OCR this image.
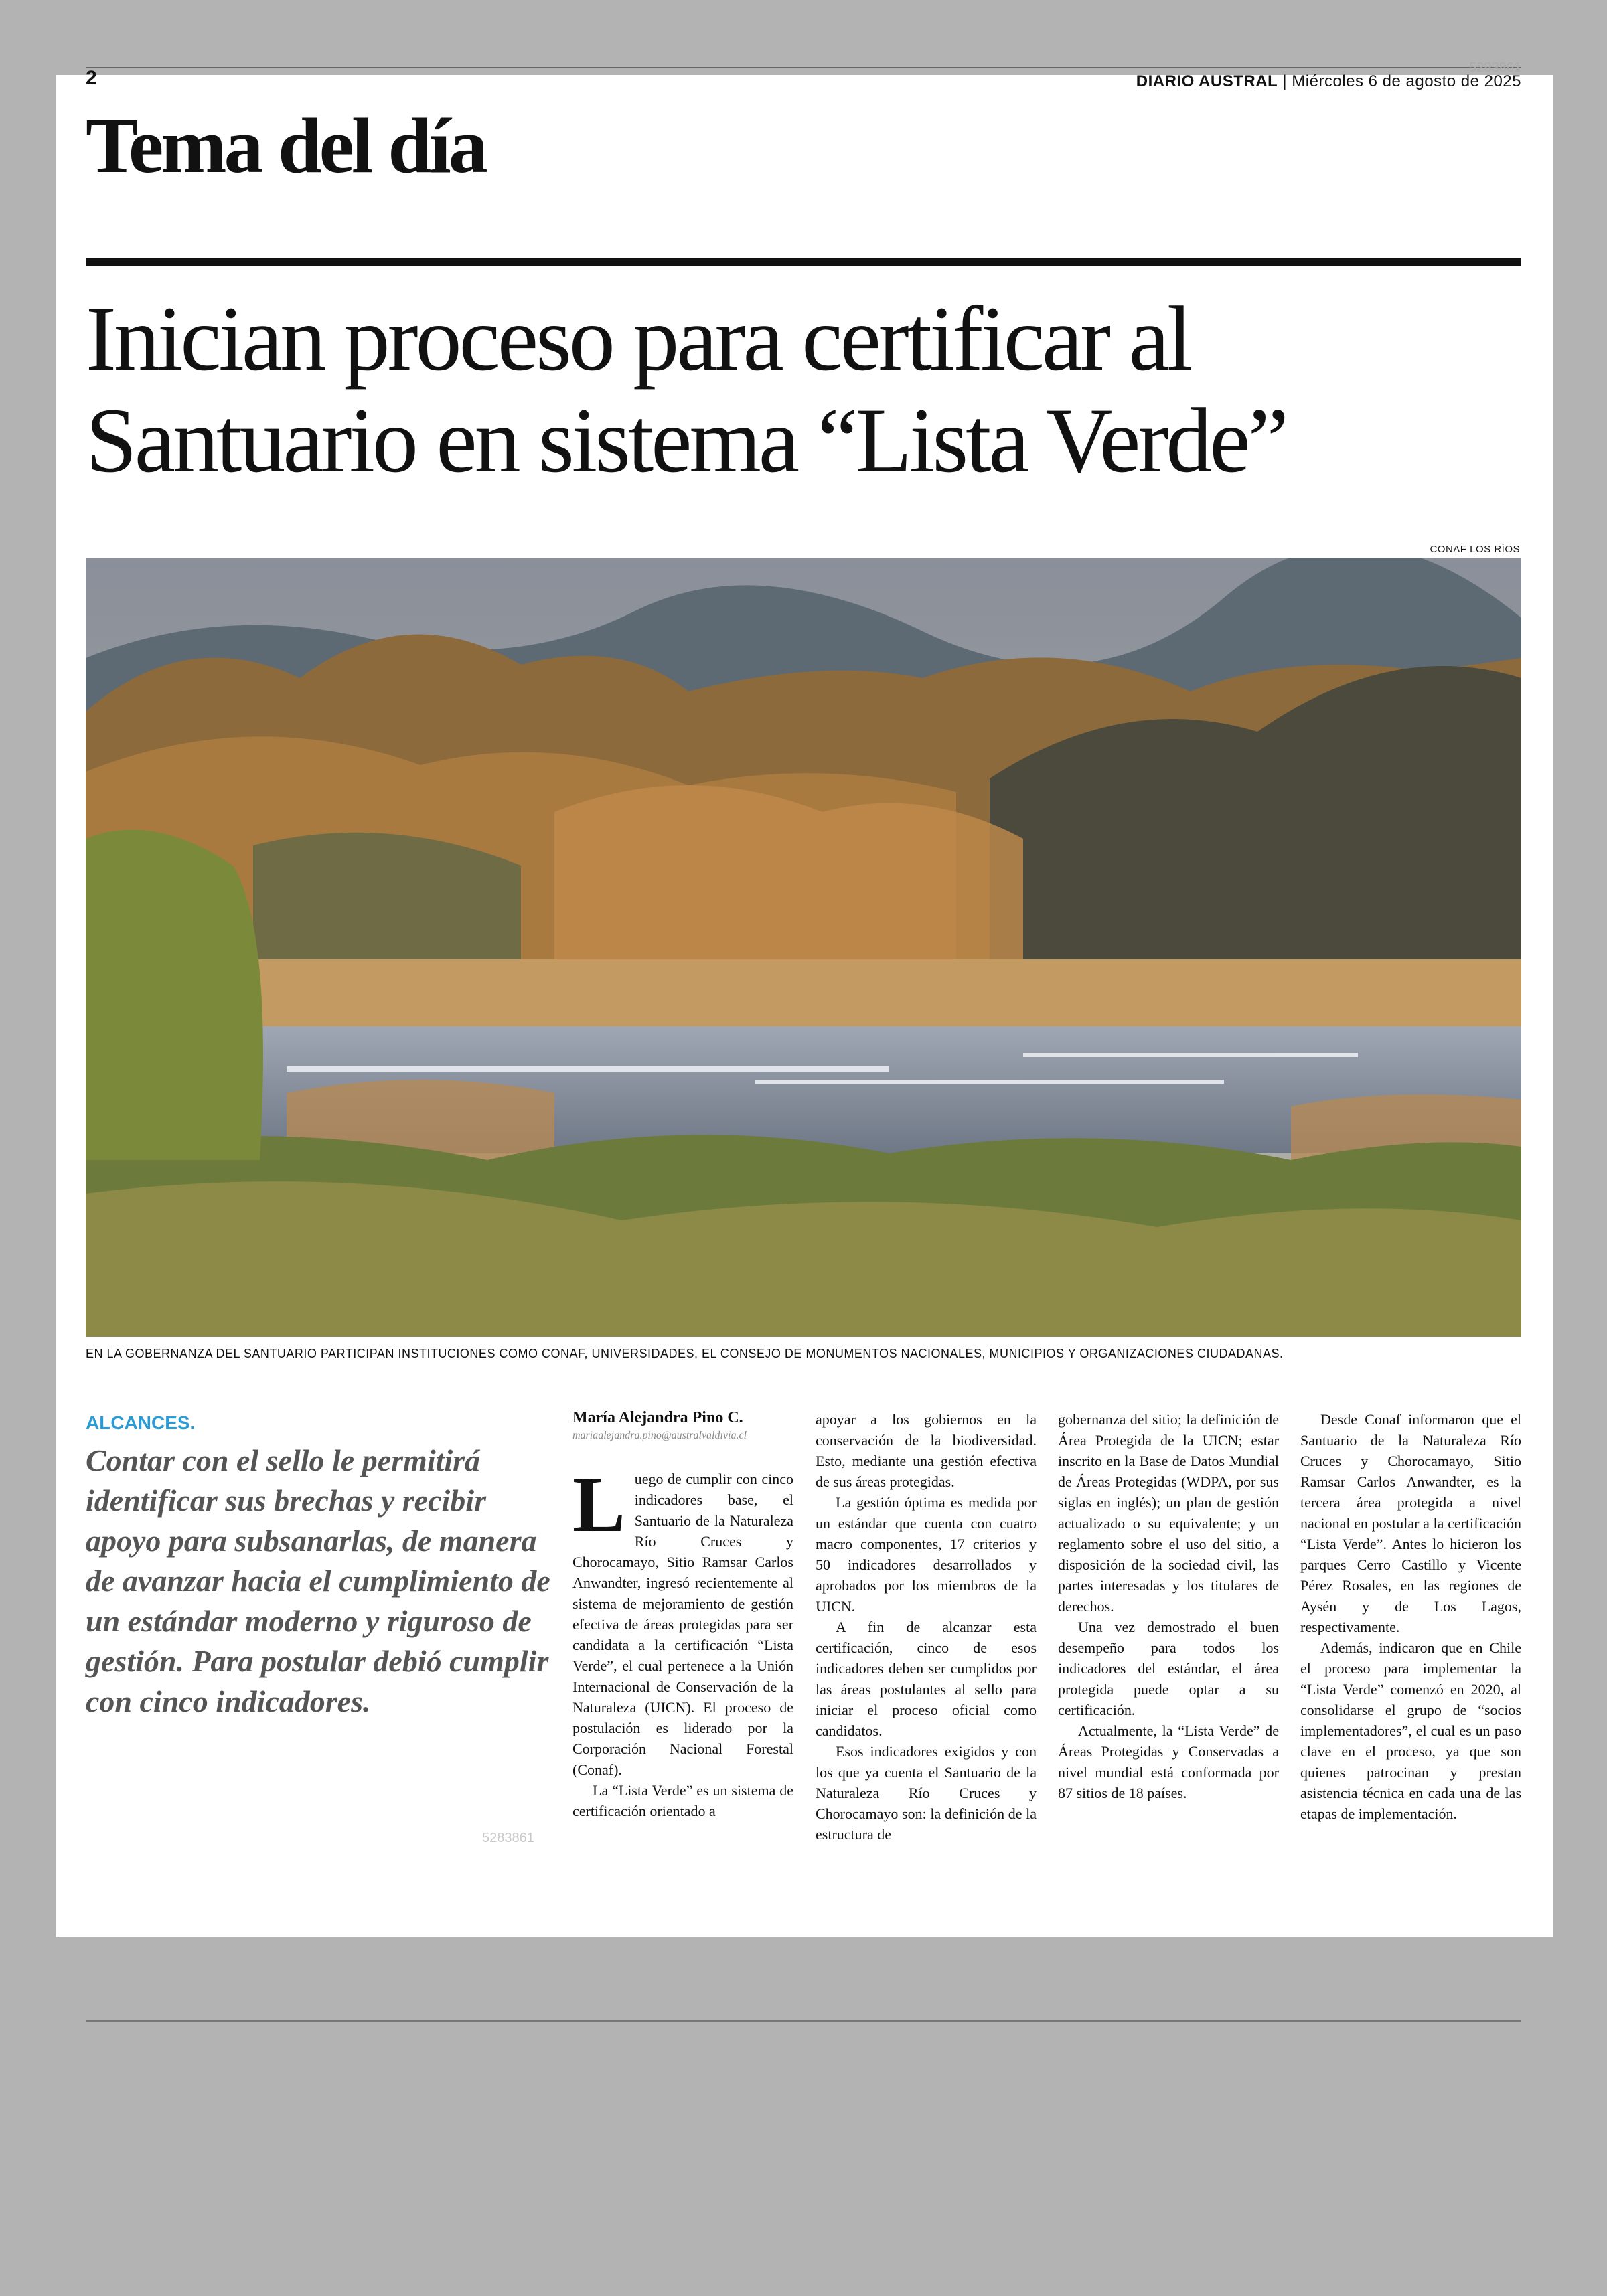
2	5283861
DIARIO AUSTRAL | Miércoles 6 de agosto de 2025
Tema del día
Inician proceso para certificar al Santuario en sistema “Lista Verde”
CONAF LOS RÍOS
EN LA GOBERNANZA DEL SANTUARIO PARTICIPAN INSTITUCIONES COMO CONAF, UNIVERSIDADES, EL CONSEJO DE MONUMENTOS NACIONALES, MUNICIPIOS Y ORGANIZACIONES CIUDADANAS.
ALCANCES.

Contar con el sello le permitirá identificar sus brechas y recibir apoyo para subsanarlas, de manera de avanzar hacia el cumplimiento de un estándar moderno y riguroso de gestión. Para postular debió cumplir con cinco indicadores.

5283861
María Alejandra Pino C.
mariaalejandra.pino@australvaldivia.cl

Luego de cumplir con cinco indicadores base, el Santuario de la Naturaleza Río Cruces y Chorocamayo, Sitio Ramsar Carlos Anwandter, ingresó recientemente al sistema de mejoramiento de gestión efectiva de áreas protegidas para ser candidata a la certificación “Lista Verde”, el cual pertenece a la Unión Internacional de Conservación de la Naturaleza (UICN). El proceso de postulación es liderado por la Corporación Nacional Forestal (Conaf).

La “Lista Verde” es un sistema de certificación orientado a

apoyar a los gobiernos en la conservación de la biodiversidad. Esto, mediante una gestión efectiva de sus áreas protegidas.

La gestión óptima es medida por un estándar que cuenta con cuatro macro componentes, 17 criterios y 50 indicadores desarrollados y aprobados por los miembros de la UICN.

A fin de alcanzar esta certificación, cinco de esos indicadores deben ser cumplidos por las áreas postulantes al sello para iniciar el proceso oficial como candidatos.

Esos indicadores exigidos y con los que ya cuenta el Santuario de la Naturaleza Río Cruces y Chorocamayo son: la definición de la estructura de

gobernanza del sitio; la definición de Área Protegida de la UICN; estar inscrito en la Base de Datos Mundial de Áreas Protegidas (WDPA, por sus siglas en inglés); un plan de gestión actualizado o su equivalente; y un reglamento sobre el uso del sitio, a disposición de la sociedad civil, las partes interesadas y los titulares de derechos.

Una vez demostrado el buen desempeño para todos los indicadores del estándar, el área protegida puede optar a su certificación.

Actualmente, la “Lista Verde” de Áreas Protegidas y Conservadas a nivel mundial está conformada por 87 sitios de 18 países.

Desde Conaf informaron que el Santuario de la Naturaleza Río Cruces y Chorocamayo, Sitio Ramsar Carlos Anwandter, es la tercera área protegida a nivel nacional en postular a la certificación “Lista Verde”. Antes lo hicieron los parques Cerro Castillo y Vicente Pérez Rosales, en las regiones de Aysén y de Los Lagos, respectivamente.

Además, indicaron que en Chile el proceso para implementar la “Lista Verde” comenzó en 2020, al consolidarse el grupo de “socios implementadores”, el cual es un paso clave en el proceso, ya que son quienes patrocinan y prestan asistencia técnica en cada una de las etapas de implementación.
